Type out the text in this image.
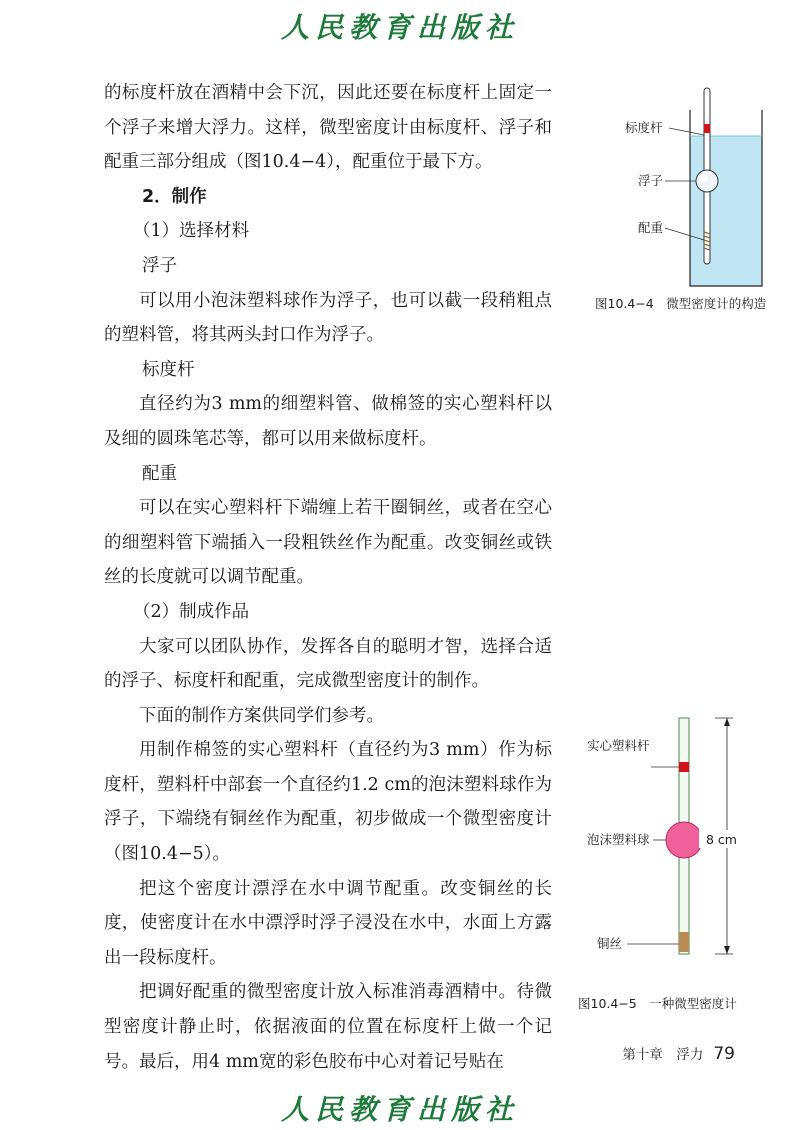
人民教育出版社

的标度杆放在酒精中会下沉，因此还要在标度杆上固定一个浮子来增大浮力。这样，微型密度计由标度杆、浮子和配重三部分组成（图10.4−4），配重位于最下方。

2．制作

（1）选择材料

浮子

可以用小泡沫塑料球作为浮子，也可以截一段稍粗点的塑料管，将其两头封口作为浮子。

标度杆

直径约为3 mm的细塑料管、做棉签的实心塑料杆以及细的圆珠笔芯等，都可以用来做标度杆。

配重

可以在实心塑料杆下端缠上若干圈铜丝，或者在空心的细塑料管下端插入一段粗铁丝作为配重。改变铜丝或铁丝的长度就可以调节配重。

（2）制成作品

大家可以团队协作，发挥各自的聪明才智，选择合适的浮子、标度杆和配重，完成微型密度计的制作。

下面的制作方案供同学们参考。

用制作棉签的实心塑料杆（直径约为3 mm）作为标度杆，塑料杆中部套一个直径约1.2 cm的泡沫塑料球作为浮子，下端绕有铜丝作为配重，初步做成一个微型密度计（图10.4−5）。

把这个密度计漂浮在水中调节配重。改变铜丝的长度，使密度计在水中漂浮时浮子浸没在水中，水面上方露出一段标度杆。

把调好配重的微型密度计放入标准消毒酒精中。待微型密度计静止时，依据液面的位置在标度杆上做一个记号。最后，用4 mm宽的彩色胶布中心对着记号贴在

标度杆
浮子
配重
图10.4−4　微型密度计的构造
8 cm
实心塑料杆
泡沫塑料球
铜丝
图10.4−5　一种微型密度计
第十章　浮力 79
人民教育出版社
